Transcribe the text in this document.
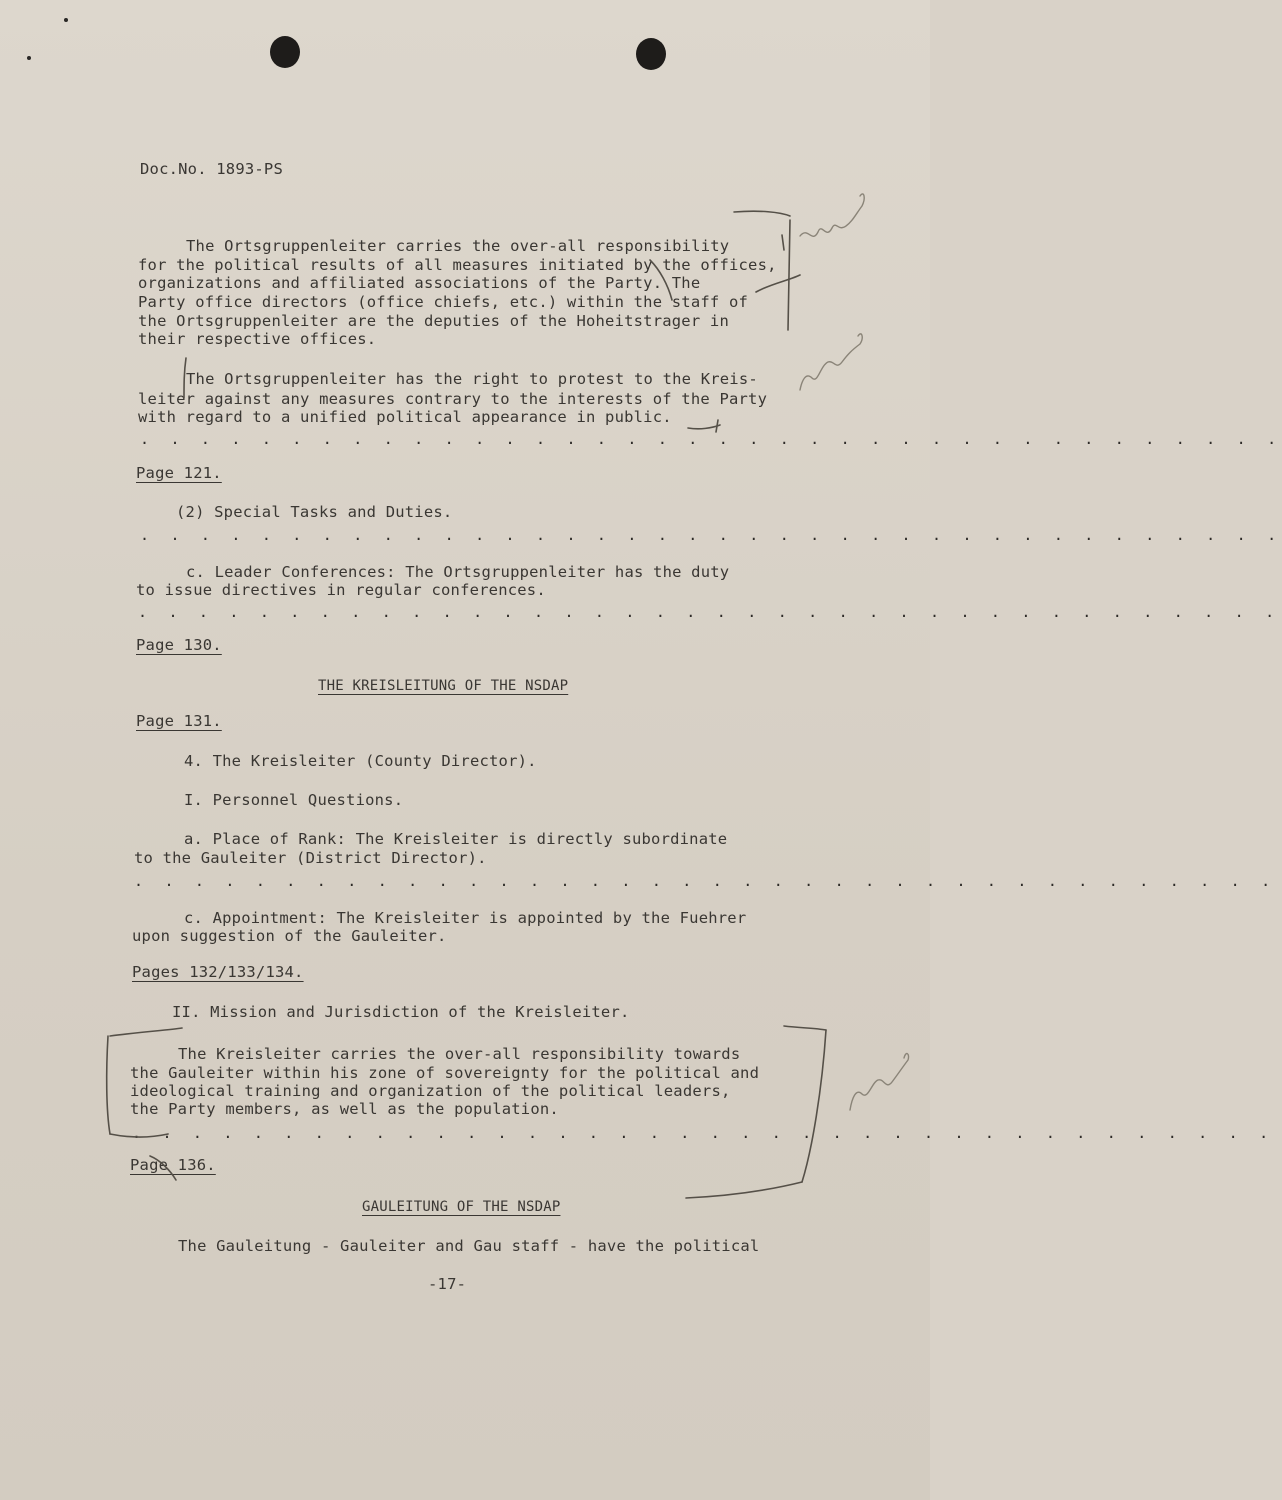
Doc.No. 1893-PS
The Ortsgruppenleiter carries the over-all responsibility
for the political results of all measures initiated by the offices,
organizations and affiliated associations of the Party. The
Party office directors (office chiefs, etc.) within the staff of
the Ortsgruppenleiter are the deputies of the Hoheitstrager in
their respective offices.
The Ortsgruppenleiter has the right to protest to the Kreis-
leiter against any measures contrary to the interests of the Party
with regard to a unified political appearance in public.
. . . . . . . . . . . . . . . . . . . . . . . . . . . . . . . . . . . . . .
Page 121.
(2) Special Tasks and Duties.
. . . . . . . . . . . . . . . . . . . . . . . . . . . . . . . . . . . . . .
c. Leader Conferences: The Ortsgruppenleiter has the duty
to issue directives in regular conferences.
. . . . . . . . . . . . . . . . . . . . . . . . . . . . . . . . . . . . . .
Page 130.
THE KREISLEITUNG OF THE NSDAP
Page 131.
4. The Kreisleiter (County Director).
I. Personnel Questions.
a. Place of Rank: The Kreisleiter is directly subordinate
to the Gauleiter (District Director).
. . . . . . . . . . . . . . . . . . . . . . . . . . . . . . . . . . . . . .
c. Appointment: The Kreisleiter is appointed by the Fuehrer
upon suggestion of the Gauleiter.
Pages 132/133/134.
II. Mission and Jurisdiction of the Kreisleiter.
The Kreisleiter carries the over-all responsibility towards
the Gauleiter within his zone of sovereignty for the political and
ideological training and organization of the political leaders,
the Party members, as well as the population.
. . . . . . . . . . . . . . . . . . . . . . . . . . . . . . . . . . . . . .
Page 136.
GAULEITUNG OF THE NSDAP
The Gauleitung - Gauleiter and Gau staff - have the political
-17-
